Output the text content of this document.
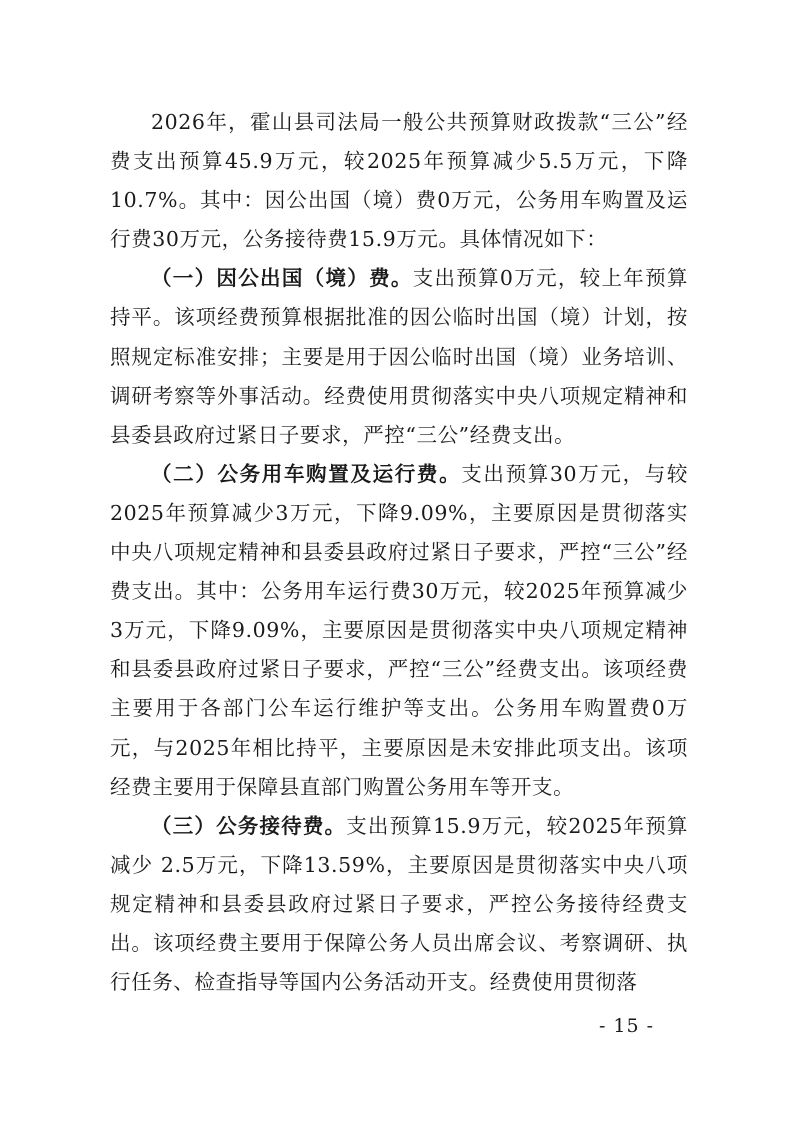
2026年，霍山县司法局一般公共预算财政拨款“三公”经费支出预算45.9万元，较2025年预算减少5.5万元，下降10.7%。其中：因公出国（境）费0万元，公务用车购置及运行费30万元，公务接待费15.9万元。具体情况如下：

（一）因公出国（境）费。支出预算0万元，较上年预算持平。该项经费预算根据批准的因公临时出国（境）计划，按照规定标准安排；主要是用于因公临时出国（境）业务培训、调研考察等外事活动。经费使用贯彻落实中央八项规定精神和县委县政府过紧日子要求，严控“三公”经费支出。

（二）公务用车购置及运行费。支出预算30万元，与较2025年预算减少3万元，下降9.09%，主要原因是贯彻落实中央八项规定精神和县委县政府过紧日子要求，严控“三公”经费支出。其中：公务用车运行费30万元，较2025年预算减少3万元，下降9.09%，主要原因是贯彻落实中央八项规定精神和县委县政府过紧日子要求，严控“三公”经费支出。该项经费主要用于各部门公车运行维护等支出。公务用车购置费0万元，与2025年相比持平，主要原因是未安排此项支出。该项经费主要用于保障县直部门购置公务用车等开支。

（三）公务接待费。支出预算15.9万元，较2025年预算减少 2.5万元，下降13.59%，主要原因是贯彻落实中央八项规定精神和县委县政府过紧日子要求，严控公务接待经费支出。该项经费主要用于保障公务人员出席会议、考察调研、执行任务、检查指导等国内公务活动开支。经费使用贯彻落

- 15 -
